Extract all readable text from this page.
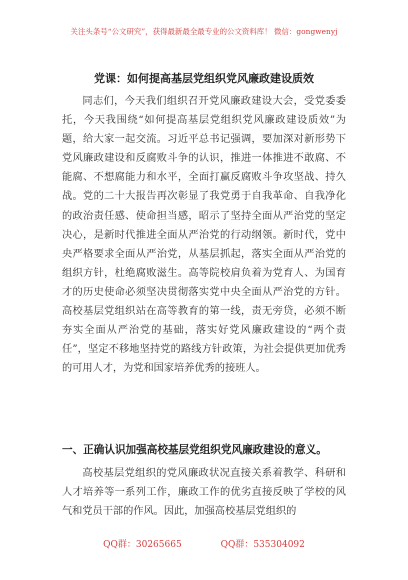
关注头条号“公文研究”，获得最新最全最专业的公文资料库！ 微信：gongwenyj
党课：如何提高基层党组织党风廉政建设质效

同志们，今天我们组织召开党风廉政建设大会，受党委委托，今天我围绕“如何提高基层党组织党风廉政建设质效”为题，给大家一起交流。习近平总书记强调，要加深对新形势下党风廉政建设和反腐败斗争的认识，推进一体推进不敢腐、不能腐、不想腐能力和水平，全面打赢反腐败斗争攻坚战、持久战。党的二十大报告再次彰显了我党勇于自我革命、自我净化的政治责任感、使命担当感，昭示了坚持全面从严治党的坚定决心，是新时代推进全面从严治党的行动纲领。新时代，党中央严格要求全面从严治党，从基层抓起，落实全面从严治党的组织方针，杜绝腐败滋生。高等院校肩负着为党育人、为国育才的历史使命必须坚决贯彻落实党中央全面从严治党的方针。高校基层党组织站在高等教育的第一线，责无旁贷，必须不断夯实全面从严治党的基础，落实好党风廉政建设的“两个责任”，坚定不移地坚持党的路线方针政策，为社会提供更加优秀的可用人才，为党和国家培养优秀的接班人。

一、正确认识加强高校基层党组织党风廉政建设的意义。

高校基层党组织的党风廉政状况直接关系着教学、科研和人才培养等一系列工作，廉政工作的优劣直接反映了学校的风气和党员干部的作风。因此，加强高校基层党组织的

QQ群：30265665	QQ群：535304092
